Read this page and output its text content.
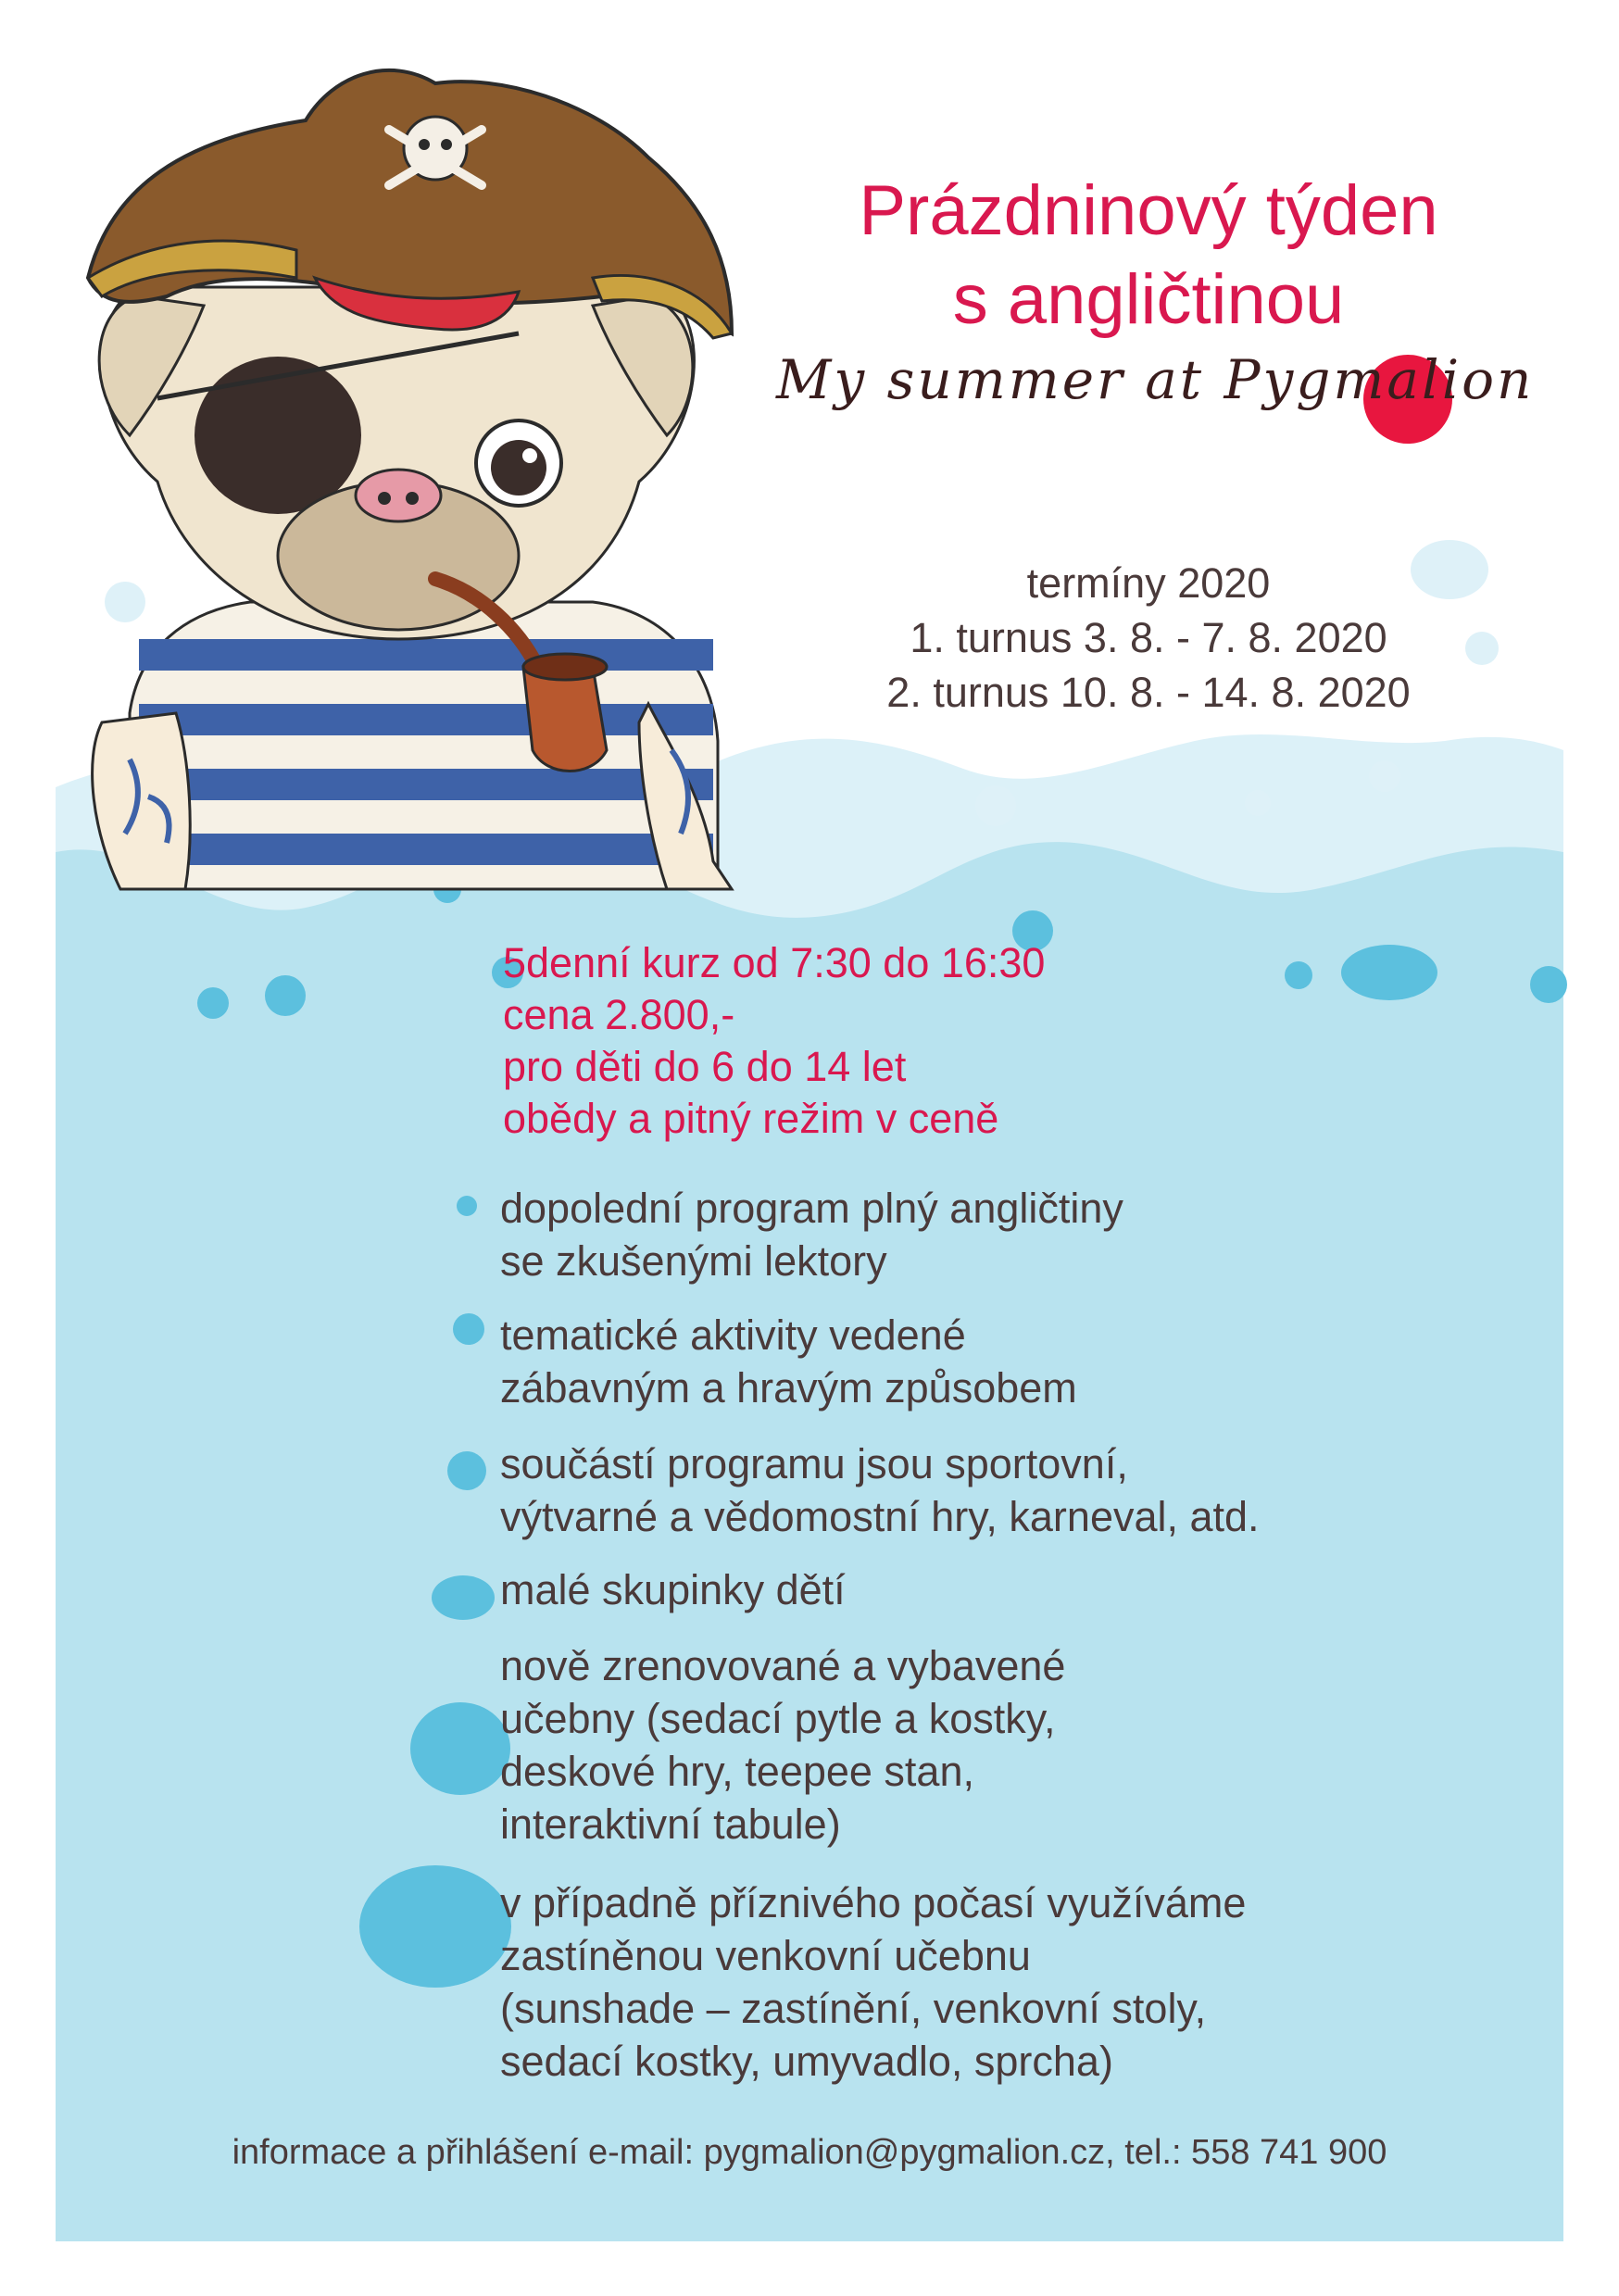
Prázdninový týden
s angličtinou
My summer at Pygmalion
termíny 2020
1. turnus 3. 8. - 7. 8. 2020
2. turnus 10. 8. - 14. 8. 2020
5denní kurz od 7:30 do 16:30
cena 2.800,-
pro děti do 6 do 14 let
obědy a pitný režim v ceně

dopolední program plný angličtiny

se zkušenými lektory

tematické aktivity vedené

zábavným a hravým způsobem

součástí programu jsou sportovní,

výtvarné a vědomostní hry, karneval, atd.

malé skupinky dětí

nově zrenovované a vybavené

učebny (sedací pytle a kostky,

deskové hry, teepee stan,

interaktivní tabule)

v případně příznivého počasí využíváme

zastíněnou venkovní učebnu

(sunshade – zastínění, venkovní stoly,

sedací kostky, umyvadlo, sprcha)

informace a přihlášení e-mail: pygmalion@pygmalion.cz, tel.: 558 741 900
